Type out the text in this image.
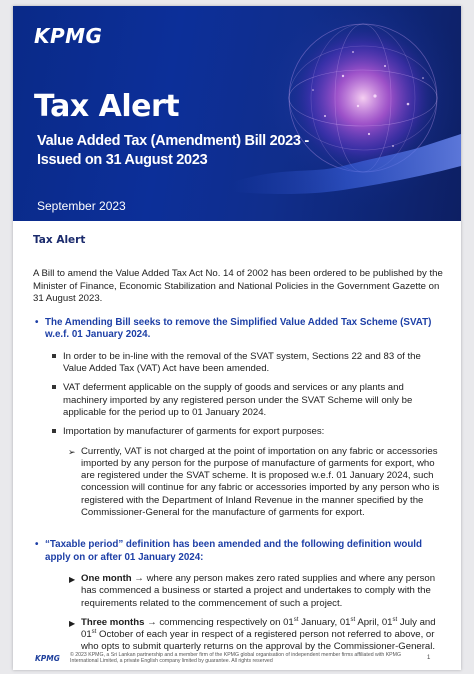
KPMG
Tax Alert
Value Added Tax (Amendment) Bill 2023 -
Issued on 31 August 2023
September 2023
Tax Alert

A Bill to amend the Value Added Tax Act No. 14 of 2002 has been ordered to be published by the Minister of Finance, Economic Stabilization and National Policies in the Government Gazette on 31 August 2023.

• The Amending Bill seeks to remove the Simplified Value Added Tax Scheme (SVAT) w.e.f. 01 January 2024.
In order to be in-line with the removal of the SVAT system, Sections 22 and 83 of the Value Added Tax (VAT) Act have been amended.
VAT deferment applicable on the supply of goods and services or any plants and machinery imported by any registered person under the SVAT Scheme will only be applicable for the period up to 01 January 2024.
Importation by manufacturer of garments for export purposes:
➢ Currently, VAT is not charged at the point of importation on any fabric or accessories imported by any person for the purpose of manufacture of garments for export, who are registered under the SVAT scheme. It is proposed w.e.f. 01 January 2024, such concession will continue for any fabric or accessories imported by any person who is registered with the Department of Inland Revenue in the manner specified by the Commissioner-General for the manufacture of garments for export.
• “Taxable period” definition has been amended and the following definition would apply on or after 01 January 2024:
▶ One month → where any person makes zero rated supplies and where any person has commenced a business or started a project and undertakes to comply with the requirements related to the commencement of such a project.
▶ Three months → commencing respectively on 01st January, 01st April, 01st July and 01st October of each year in respect of a registered person not referred to above, or who opts to submit quarterly returns on the approval by the Commissioner-General.
KPMG © 2023 KPMG, a Sri Lankan partnership and a member firm of the KPMG global organisation of independent member firms affiliated with KPMG
International Limited, a private English company limited by guarantee. All rights reserved
1
